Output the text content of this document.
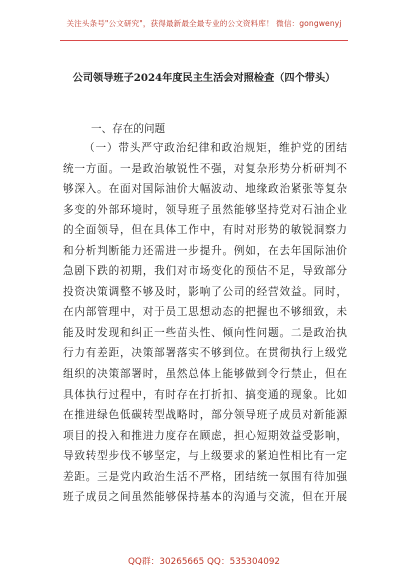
关注头条号"公文研究"，获得最新最全最专业的公文资料库！ 微信：gongwenyj
公司领导班子2024年度民主生活会对照检查（四个带头）
一、存在的问题
（一）带头严守政治纪律和政治规矩，维护党的团结
统一方面。一是政治敏锐性不强，对复杂形势分析研判不
够深入。在面对国际油价大幅波动、地缘政治紧张等复杂
多变的外部环境时，领导班子虽然能够坚持党对石油企业
的全面领导，但在具体工作中，有时对形势的敏锐洞察力
和分析判断能力还需进一步提升。例如，在去年国际油价
急剧下跌的初期，我们对市场变化的预估不足，导致部分
投资决策调整不够及时，影响了公司的经营效益。同时，
在内部管理中，对于员工思想动态的把握也不够细致，未
能及时发现和纠正一些苗头性、倾向性问题。二是政治执
行力有差距，决策部署落实不够到位。在贯彻执行上级党
组织的决策部署时，虽然总体上能够做到令行禁止，但在
具体执行过程中，有时存在打折扣、搞变通的现象。比如
在推进绿色低碳转型战略时，部分领导班子成员对新能源
项目的投入和推进力度存在顾虑，担心短期效益受影响，
导致转型步伐不够坚定，与上级要求的紧迫性相比有一定
差距。三是党内政治生活不严格，团结统一氛围有待加强
班子成员之间虽然能够保持基本的沟通与交流，但在开展
QQ群：30265665 QQ：535304092
